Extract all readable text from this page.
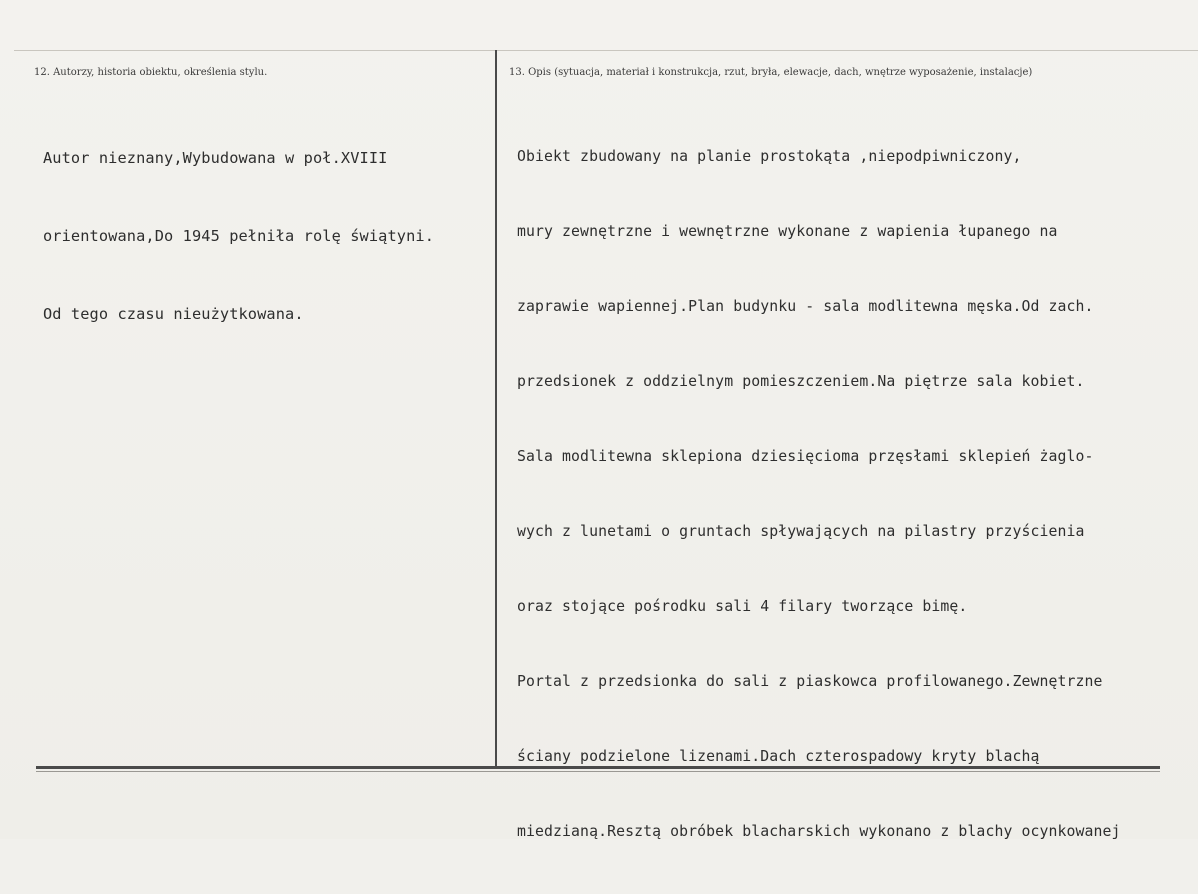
12. Autorzy, historia obiektu, określenia stylu.	13. Opis (sytuacja, materiał i konstrukcja, rzut, bryła, elewacje, dach, wnętrze wyposażenie, instalacje)

Autor nieznany,Wybudowana w poł.XVIII

orientowana,Do 1945 pełniła rolę świątyni.

Od tego czasu nieużytkowana.

Obiekt zbudowany na planie prostokąta ,niepodpiwniczony,

mury zewnętrzne i wewnętrzne wykonane z wapienia łupanego na

zaprawie wapiennej.Plan budynku - sala modlitewna męska.Od zach.

przedsionek z oddzielnym pomieszczeniem.Na piętrze sala kobiet.

Sala modlitewna sklepiona dziesięcioma przęsłami sklepień żaglo-

wych z lunetami o gruntach spływających na pilastry przyścienia

oraz stojące pośrodku sali 4 filary tworzące bimę.

Portal z przedsionka do sali z piaskowca profilowanego.Zewnętrzne

ściany podzielone lizenami.Dach czterospadowy kryty blachą

miedzianą.Resztą obróbek blacharskich wykonano z blachy ocynkowanej
